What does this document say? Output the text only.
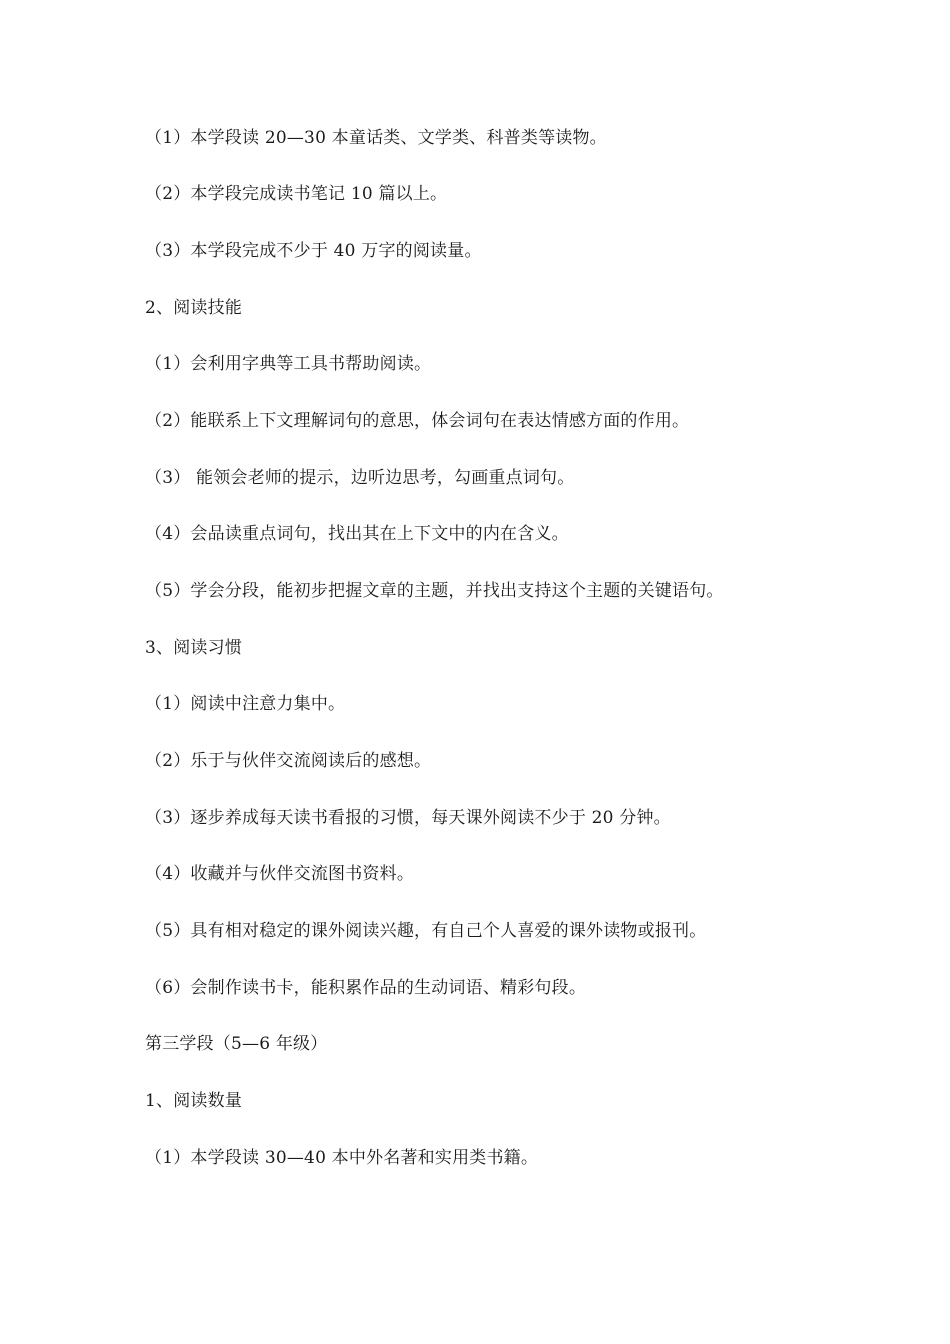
（1）本学段读 20—30 本童话类、文学类、科普类等读物。
（2）本学段完成读书笔记 10 篇以上。
（3）本学段完成不少于 40 万字的阅读量。
2、阅读技能
（1）会利用字典等工具书帮助阅读。
（2）能联系上下文理解词句的意思，体会词句在表达情感方面的作用。
（3） 能领会老师的提示，边听边思考，勾画重点词句。
（4）会品读重点词句，找出其在上下文中的内在含义。
（5）学会分段，能初步把握文章的主题，并找出支持这个主题的关键语句。
3、阅读习惯
（1）阅读中注意力集中。
（2）乐于与伙伴交流阅读后的感想。
（3）逐步养成每天读书看报的习惯，每天课外阅读不少于 20 分钟。
（4）收藏并与伙伴交流图书资料。
（5）具有相对稳定的课外阅读兴趣，有自己个人喜爱的课外读物或报刊。
（6）会制作读书卡，能积累作品的生动词语、精彩句段。
第三学段（5—6 年级）
1、阅读数量
（1）本学段读 30—40 本中外名著和实用类书籍。
